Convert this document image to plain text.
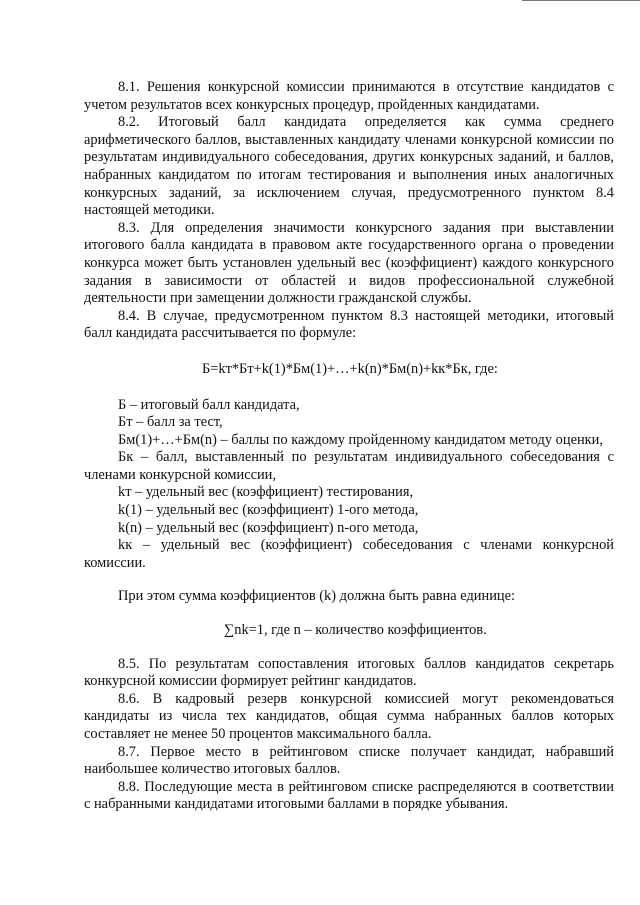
8.1. Решения конкурсной комиссии принимаются в отсутствие кандидатов с учетом результатов всех конкурсных процедур, пройденных кандидатами.

8.2. Итоговый балл кандидата определяется как сумма среднего арифметического баллов, выставленных кандидату членами конкурсной комиссии по результатам индивидуального собеседования, других конкурсных заданий, и баллов, набранных кандидатом по итогам тестирования и выполнения иных аналогичных конкурсных заданий, за исключением случая, предусмотренного пунктом 8.4 настоящей методики.

8.3. Для определения значимости конкурсного задания при выставлении итогового балла кандидата в правовом акте государственного органа о проведении конкурса может быть установлен удельный вес (коэффициент) каждого конкурсного задания в зависимости от областей и видов профессиональной служебной деятельности при замещении должности гражданской службы.

8.4. В случае, предусмотренном пунктом 8.3 настоящей методики, итоговый балл кандидата рассчитывается по формуле:

Б=kт*Бт+k(1)*Бм(1)+…+k(n)*Бм(n)+kк*Бк, где:

Б – итоговый балл кандидата,

Бт – балл за тест,

Бм(1)+…+Бм(n) – баллы по каждому пройденному кандидатом методу оценки,

Бк – балл, выставленный по результатам индивидуального собеседования с членами конкурсной комиссии,

kт – удельный вес (коэффициент) тестирования,

k(1) – удельный вес (коэффициент) 1-ого метода,

k(n) – удельный вес (коэффициент) n-ого метода,

kк – удельный вес (коэффициент) собеседования с членами конкурсной комиссии.

При этом сумма коэффициентов (k) должна быть равна единице:

∑nk=1, где n – количество коэффициентов.

8.5. По результатам сопоставления итоговых баллов кандидатов секретарь конкурсной комиссии формирует рейтинг кандидатов.

8.6. В кадровый резерв конкурсной комиссией могут рекомендоваться кандидаты из числа тех кандидатов, общая сумма набранных баллов которых составляет не менее 50 процентов максимального балла.

8.7. Первое место в рейтинговом списке получает кандидат, набравший наибольшее количество итоговых баллов.

8.8. Последующие места в рейтинговом списке распределяются в соответствии с набранными кандидатами итоговыми баллами в порядке убывания.
